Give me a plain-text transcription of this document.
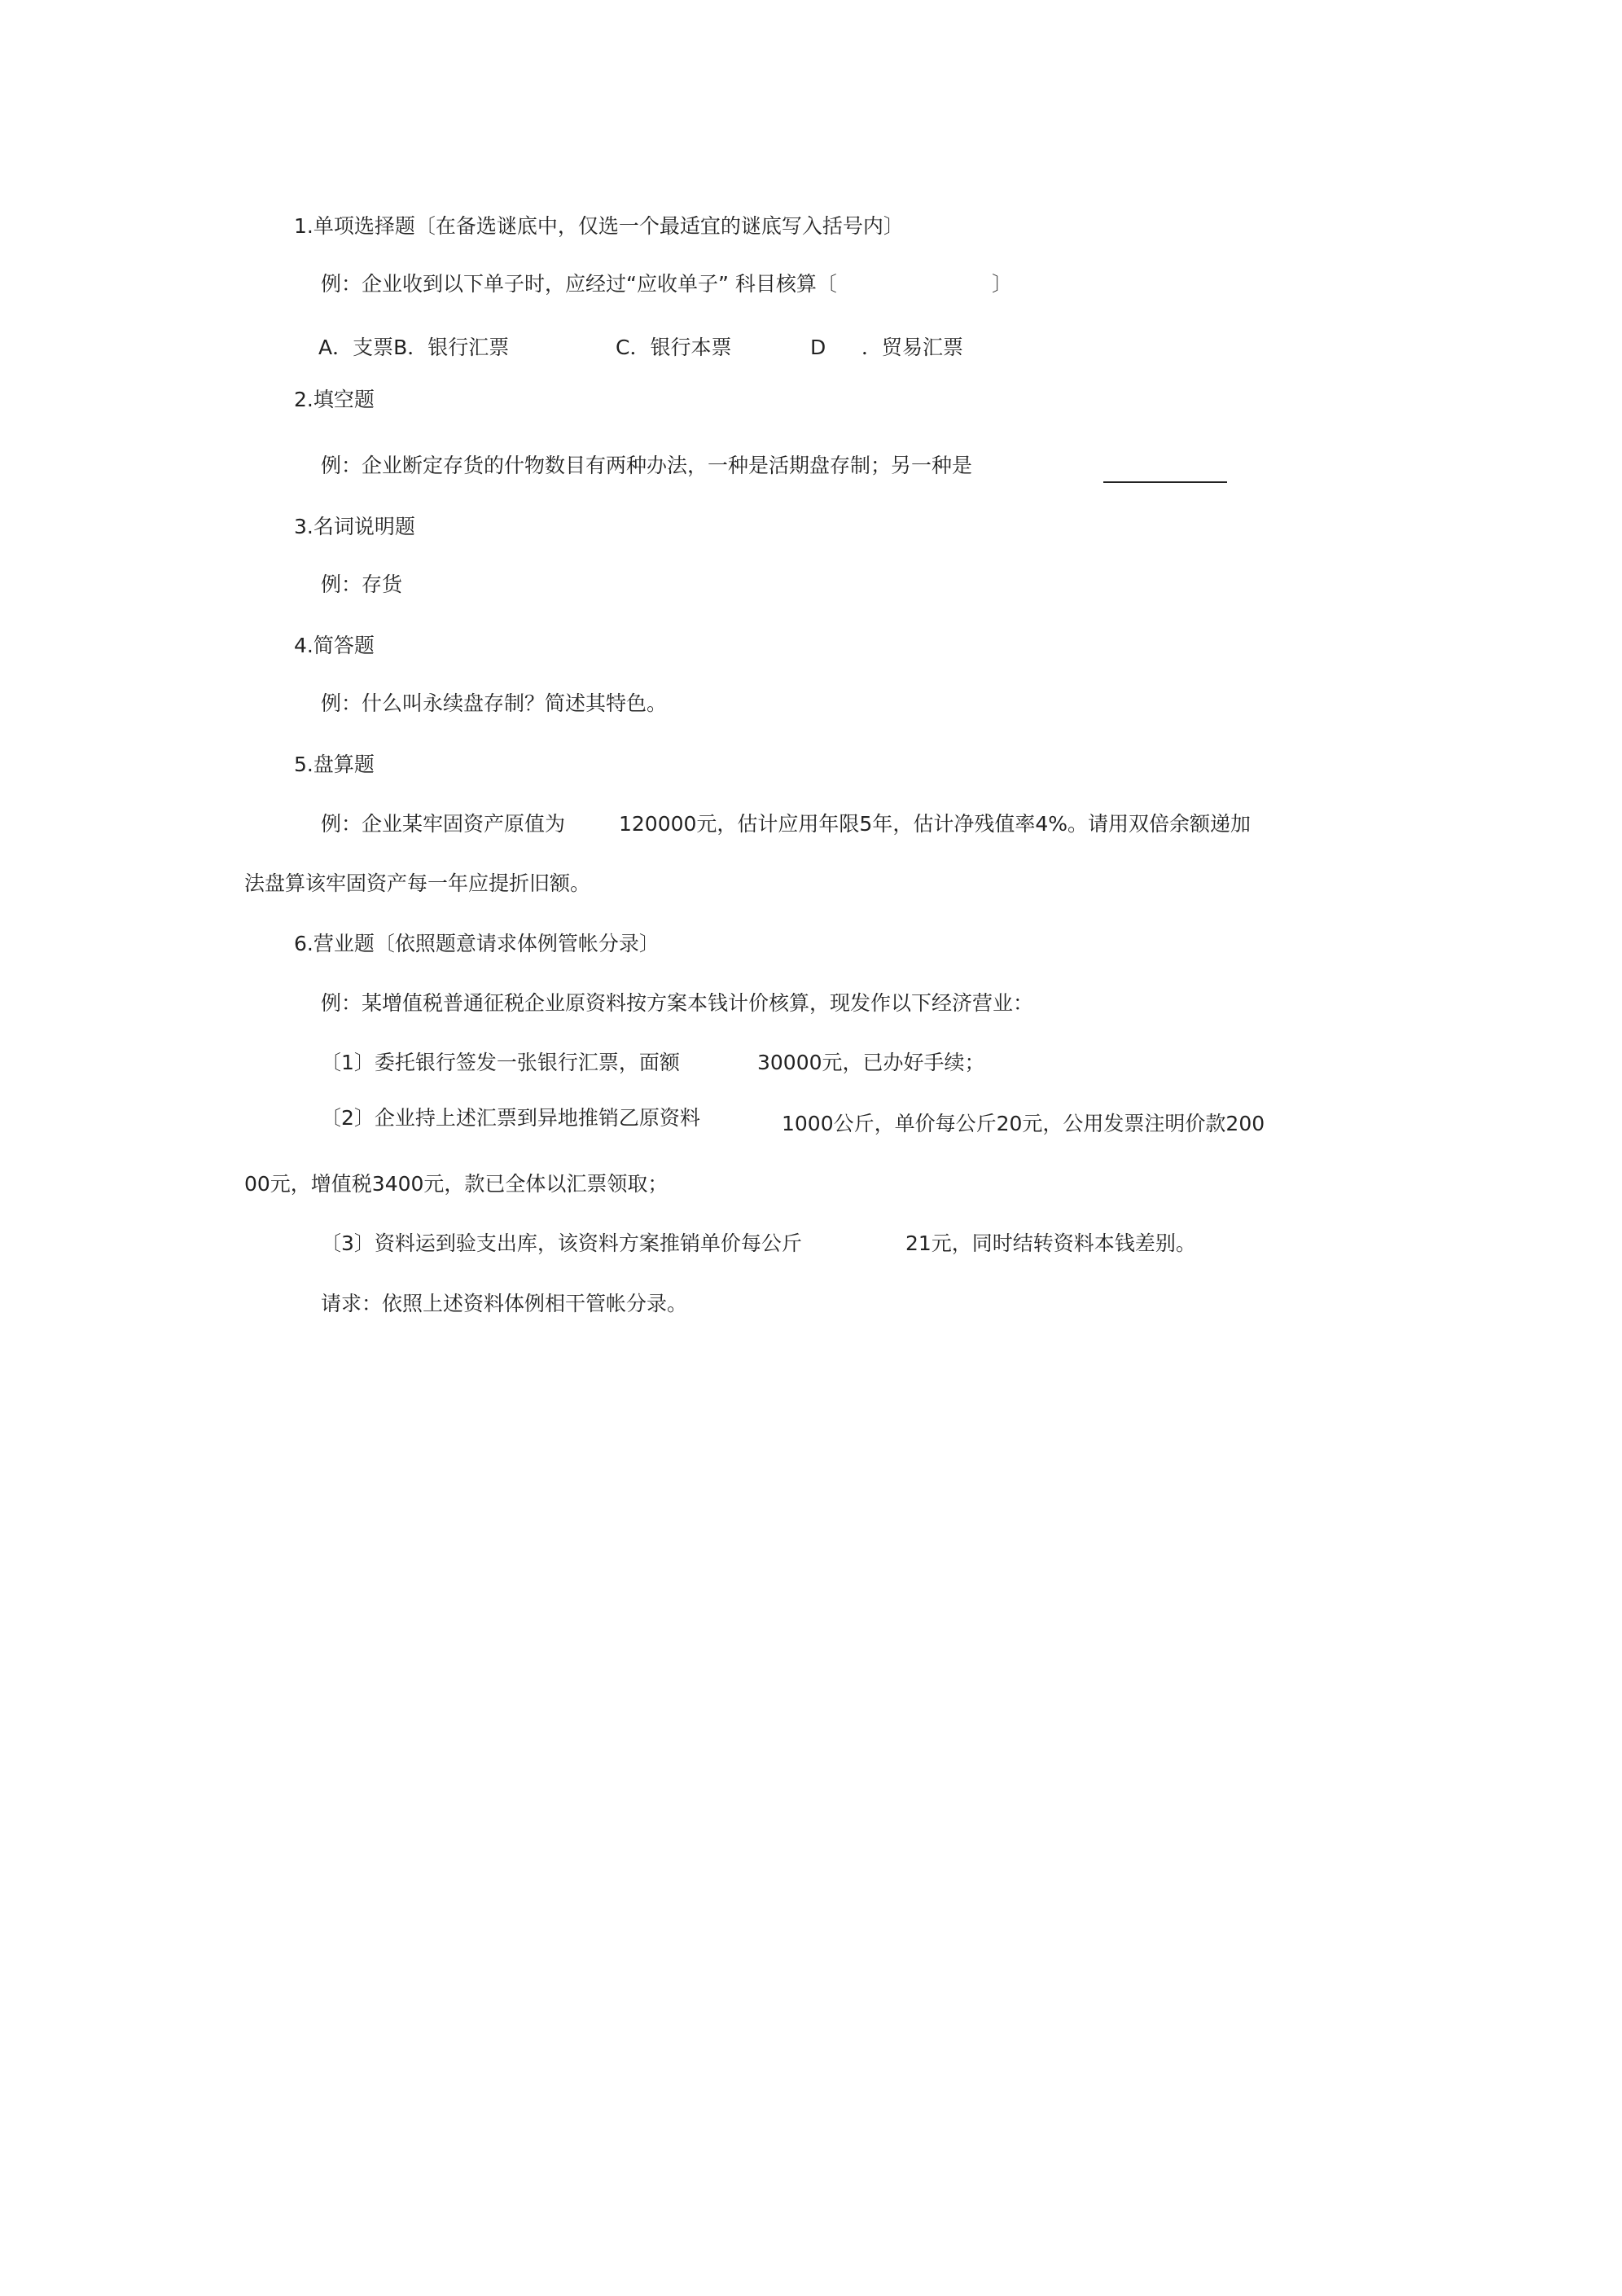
1.单项选择题〔在备选谜底中，仅选一个最适宜的谜底写入括号内〕

例：企业收到以下单子时，应经过“应收单子” 科目核算〔	〕

A．支票B．银行汇票	C．银行本票	D ．贸易汇票

2.填空题

例：企业断定存货的什物数目有两种办法，一种是活期盘存制；另一种是

3.名词说明题

例：存货

4.简答题

例：什么叫永续盘存制？简述其特色。

5.盘算题

例：企业某牢固资产原值为	120000元，估计应用年限5年，估计净残值率4%。请用双倍余额递加

法盘算该牢固资产每一年应提折旧额。

6.营业题〔依照题意请求体例管帐分录〕

例：某增值税普通征税企业原资料按方案本钱计价核算，现发作以下经济营业：

〔1〕委托银行签发一张银行汇票，面额	30000元，已办好手续；

〔2〕企业持上述汇票到异地推销乙原资料	1000公斤，单价每公斤20元，公用发票注明价款200

00元，增值税3400元，款已全体以汇票领取；

〔3〕资料运到验支出库，该资料方案推销单价每公斤	21元，同时结转资料本钱差别。

请求：依照上述资料体例相干管帐分录。
